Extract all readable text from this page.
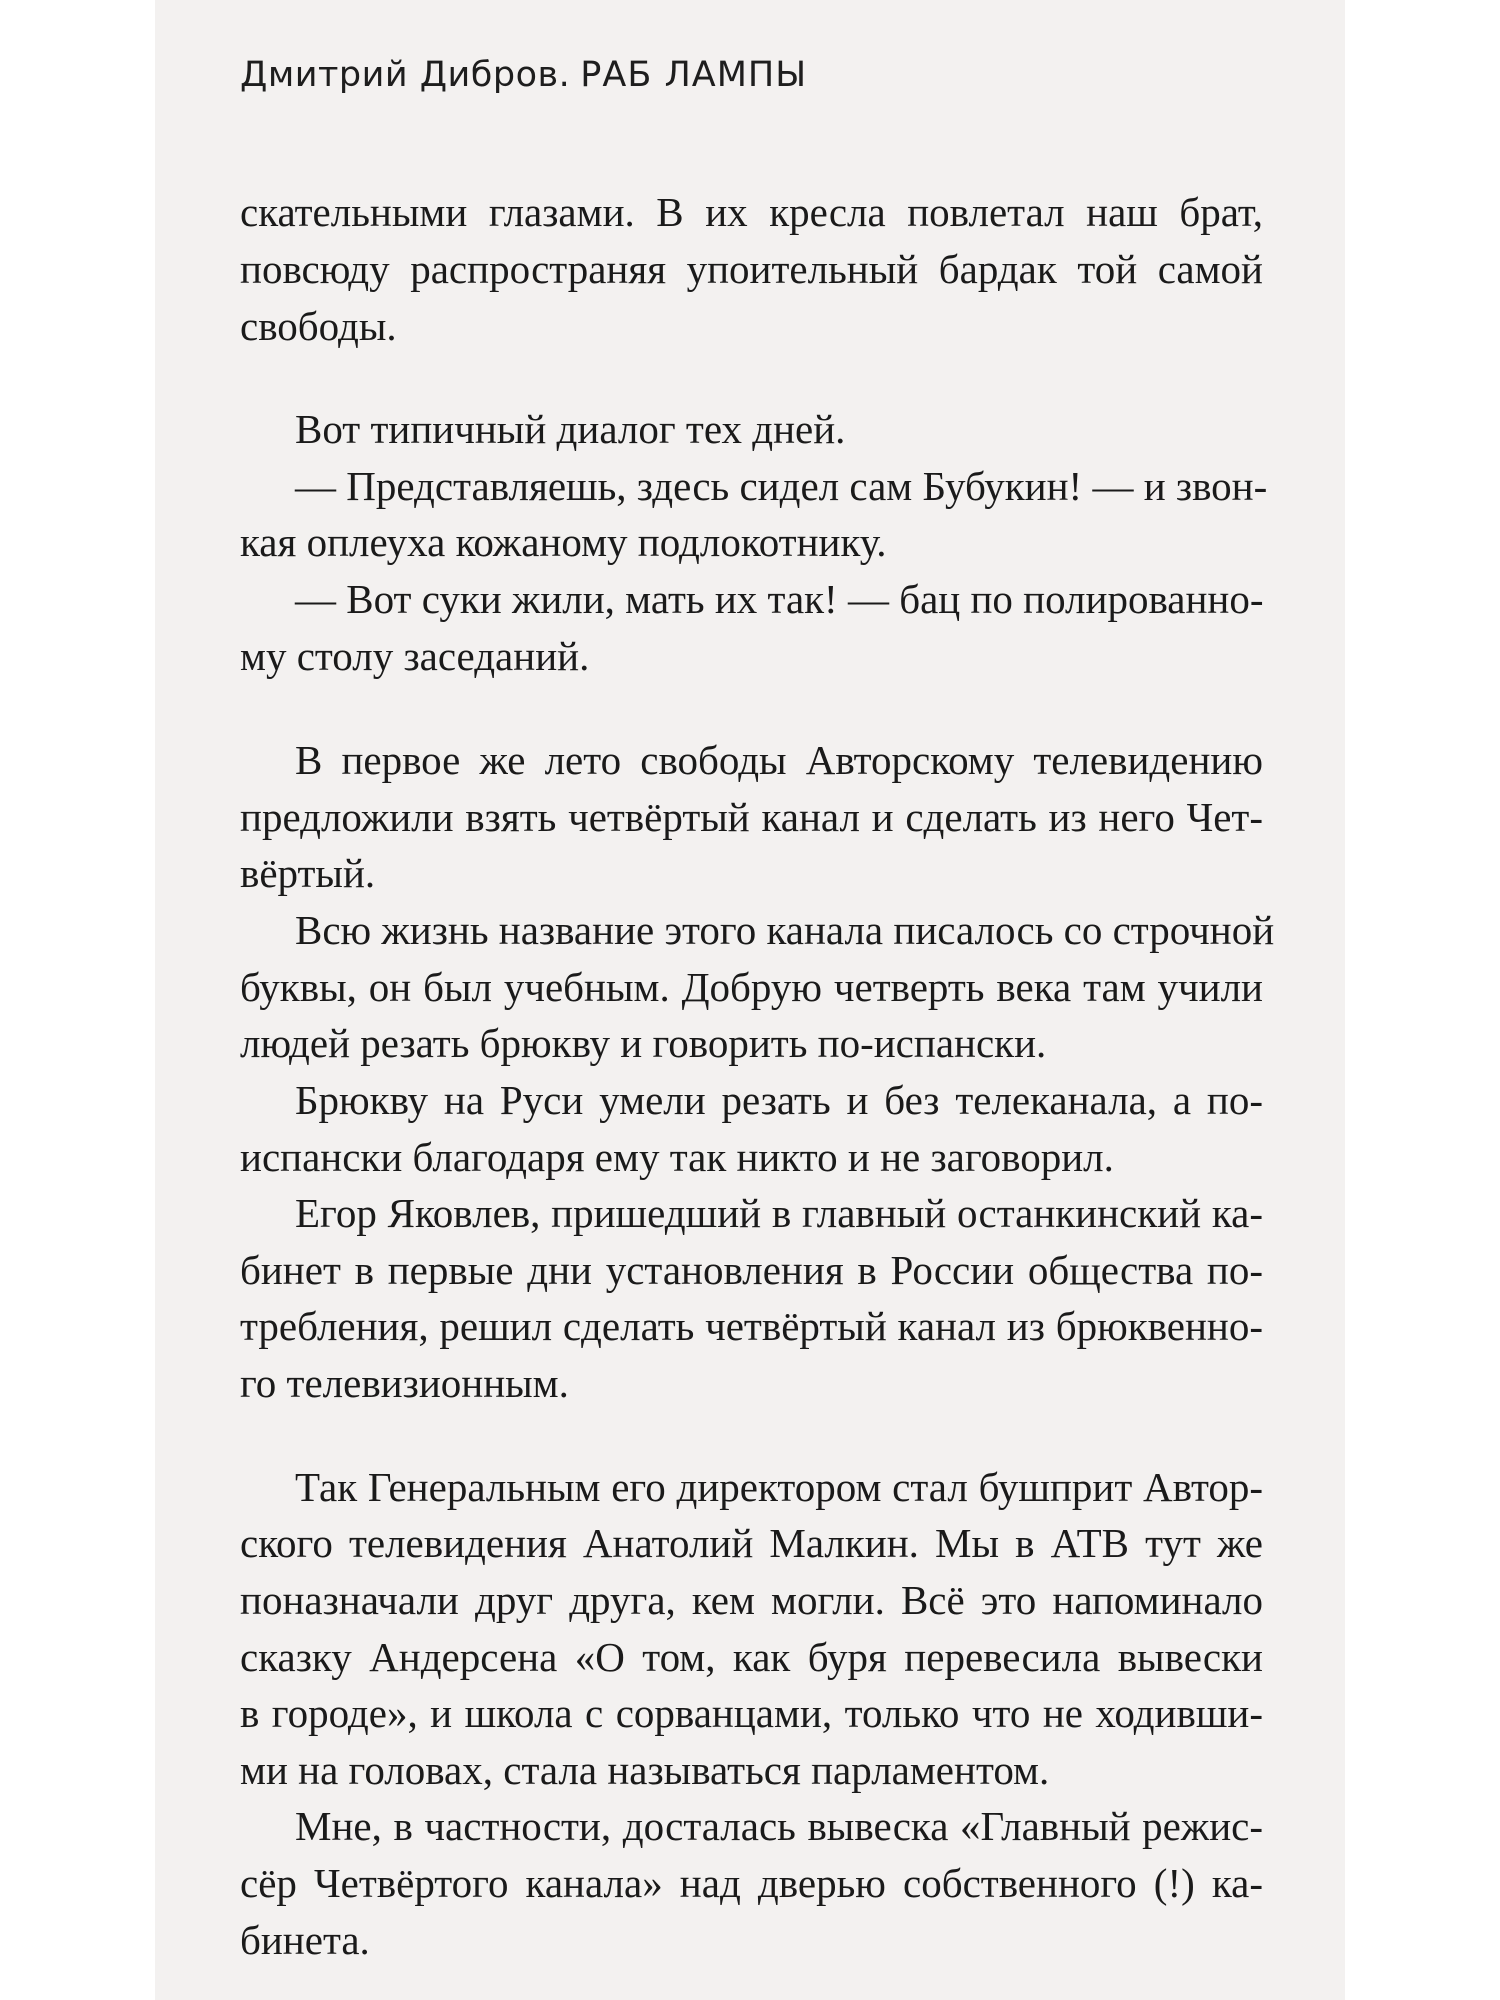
Дмитрий Дибров. РАБ ЛАМПЫ
скательными глазами. В их кресла повлетал наш брат,
повсюду распространяя упоительный бардак той самой
свободы.
Вот типичный диалог тех дней.
— Представляешь, здесь сидел сам Бубукин! — и звон-
кая оплеуха кожаному подлокотнику.
— Вот суки жили, мать их так! — бац по полированно-
му столу заседаний.
В первое же лето свободы Авторскому телевидению
предложили взять четвёртый канал и сделать из него Чет-
вёртый.
Всю жизнь название этого канала писалось со строчной
буквы, он был учебным. Добрую четверть века там учили
людей резать брюкву и говорить по-испански.
Брюкву на Руси умели резать и без телеканала, а по-
испански благодаря ему так никто и не заговорил.
Егор Яковлев, пришедший в главный останкинский ка-
бинет в первые дни установления в России общества по-
требления, решил сделать четвёртый канал из брюквенно-
го телевизионным.
Так Генеральным его директором стал бушприт Автор-
ского телевидения Анатолий Малкин. Мы в АТВ тут же
поназначали друг друга, кем могли. Всё это напоминало
сказку Андерсена «О том, как буря перевесила вывески
в городе», и школа с сорванцами, только что не ходивши-
ми на головах, стала называться парламентом.
Мне, в частности, досталась вывеска «Главный режис-
сёр Четвёртого канала» над дверью собственного (!) ка-
бинета.
